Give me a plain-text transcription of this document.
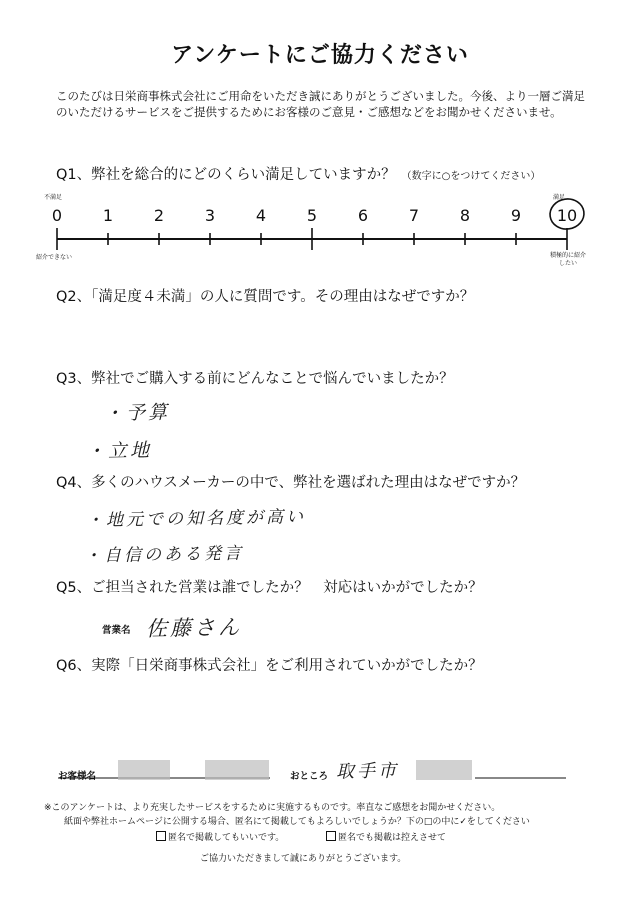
アンケートにご協力ください
このたびは日栄商事株式会社にご用命をいただき誠にありがとうございました。今後、より一層ご満足のいただけるサービスをご提供するためにお客様のご意見・ご感想などをお聞かせくださいませ。
Q1、弊社を総合的にどのくらい満足していますか？ （数字に○をつけてください）
不満足	満足
0	1	2	3	4	5	6	7	8	9	10
紹介できない	積極的に紹介したい
Q2、「満足度４未満」の人に質問です。その理由はなぜですか？
Q3、弊社でご購入する前にどんなことで悩んでいましたか？
・予算
・立地
Q4、多くのハウスメーカーの中で、弊社を選ばれた理由はなぜですか？
・地元での知名度が高い
・自信のある発言
Q5、ご担当された営業は誰でしたか？　対応はいかがでしたか？
営業名 佐藤さん
Q6、実際「日栄商事株式会社」をご利用されていかがでしたか？
お客様名	おところ 取手市
※このアンケートは、より充実したサービスをするために実施するものです。率直なご感想をお聞かせください。
紙面や弊社ホームページに公開する場合、匿名にて掲載してもよろしいでしょうか？下の□の中に✓をしてください
匿名で掲載してもいいです。	匿名でも掲載は控えさせて
ご協力いただきまして誠にありがとうございます。
